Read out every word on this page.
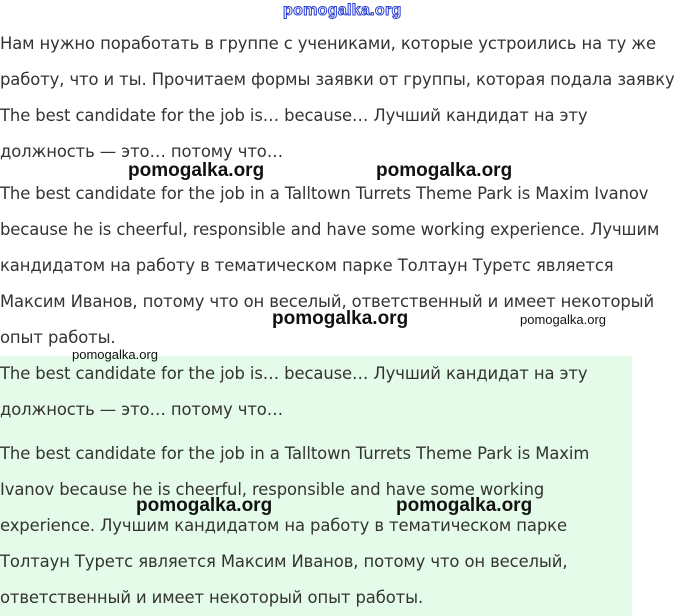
pomogalka.org

Нам нужно поработать в группе с учениками, которые устроились на ту же работу, что и ты. Прочитаем формы заявки от группы, которая подала заявку The best candidate for the job is… because… Лучший кандидат на эту должность — это… потому что…

The best candidate for the job in a Talltown Turrets Theme Park is Maxim Ivanov because he is cheerful, responsible and have some working experience. Лучшим кандидатом на работу в тематическом парке Толтаун Туретс является Максим Иванов, потому что он веселый, ответственный и имеет некоторый опыт работы.

The best candidate for the job is… because… Лучший кандидат на эту должность — это… потому что…

The best candidate for the job in a Talltown Turrets Theme Park is Maxim Ivanov because he is cheerful, responsible and have some working experience. Лучшим кандидатом на работу в тематическом парке Толтаун Туретс является Максим Иванов, потому что он веселый, ответственный и имеет некоторый опыт работы.

pomogalka.org	pomogalka.org
pomogalka.org	pomogalka.org
pomogalka.org
pomogalka.org	pomogalka.org
